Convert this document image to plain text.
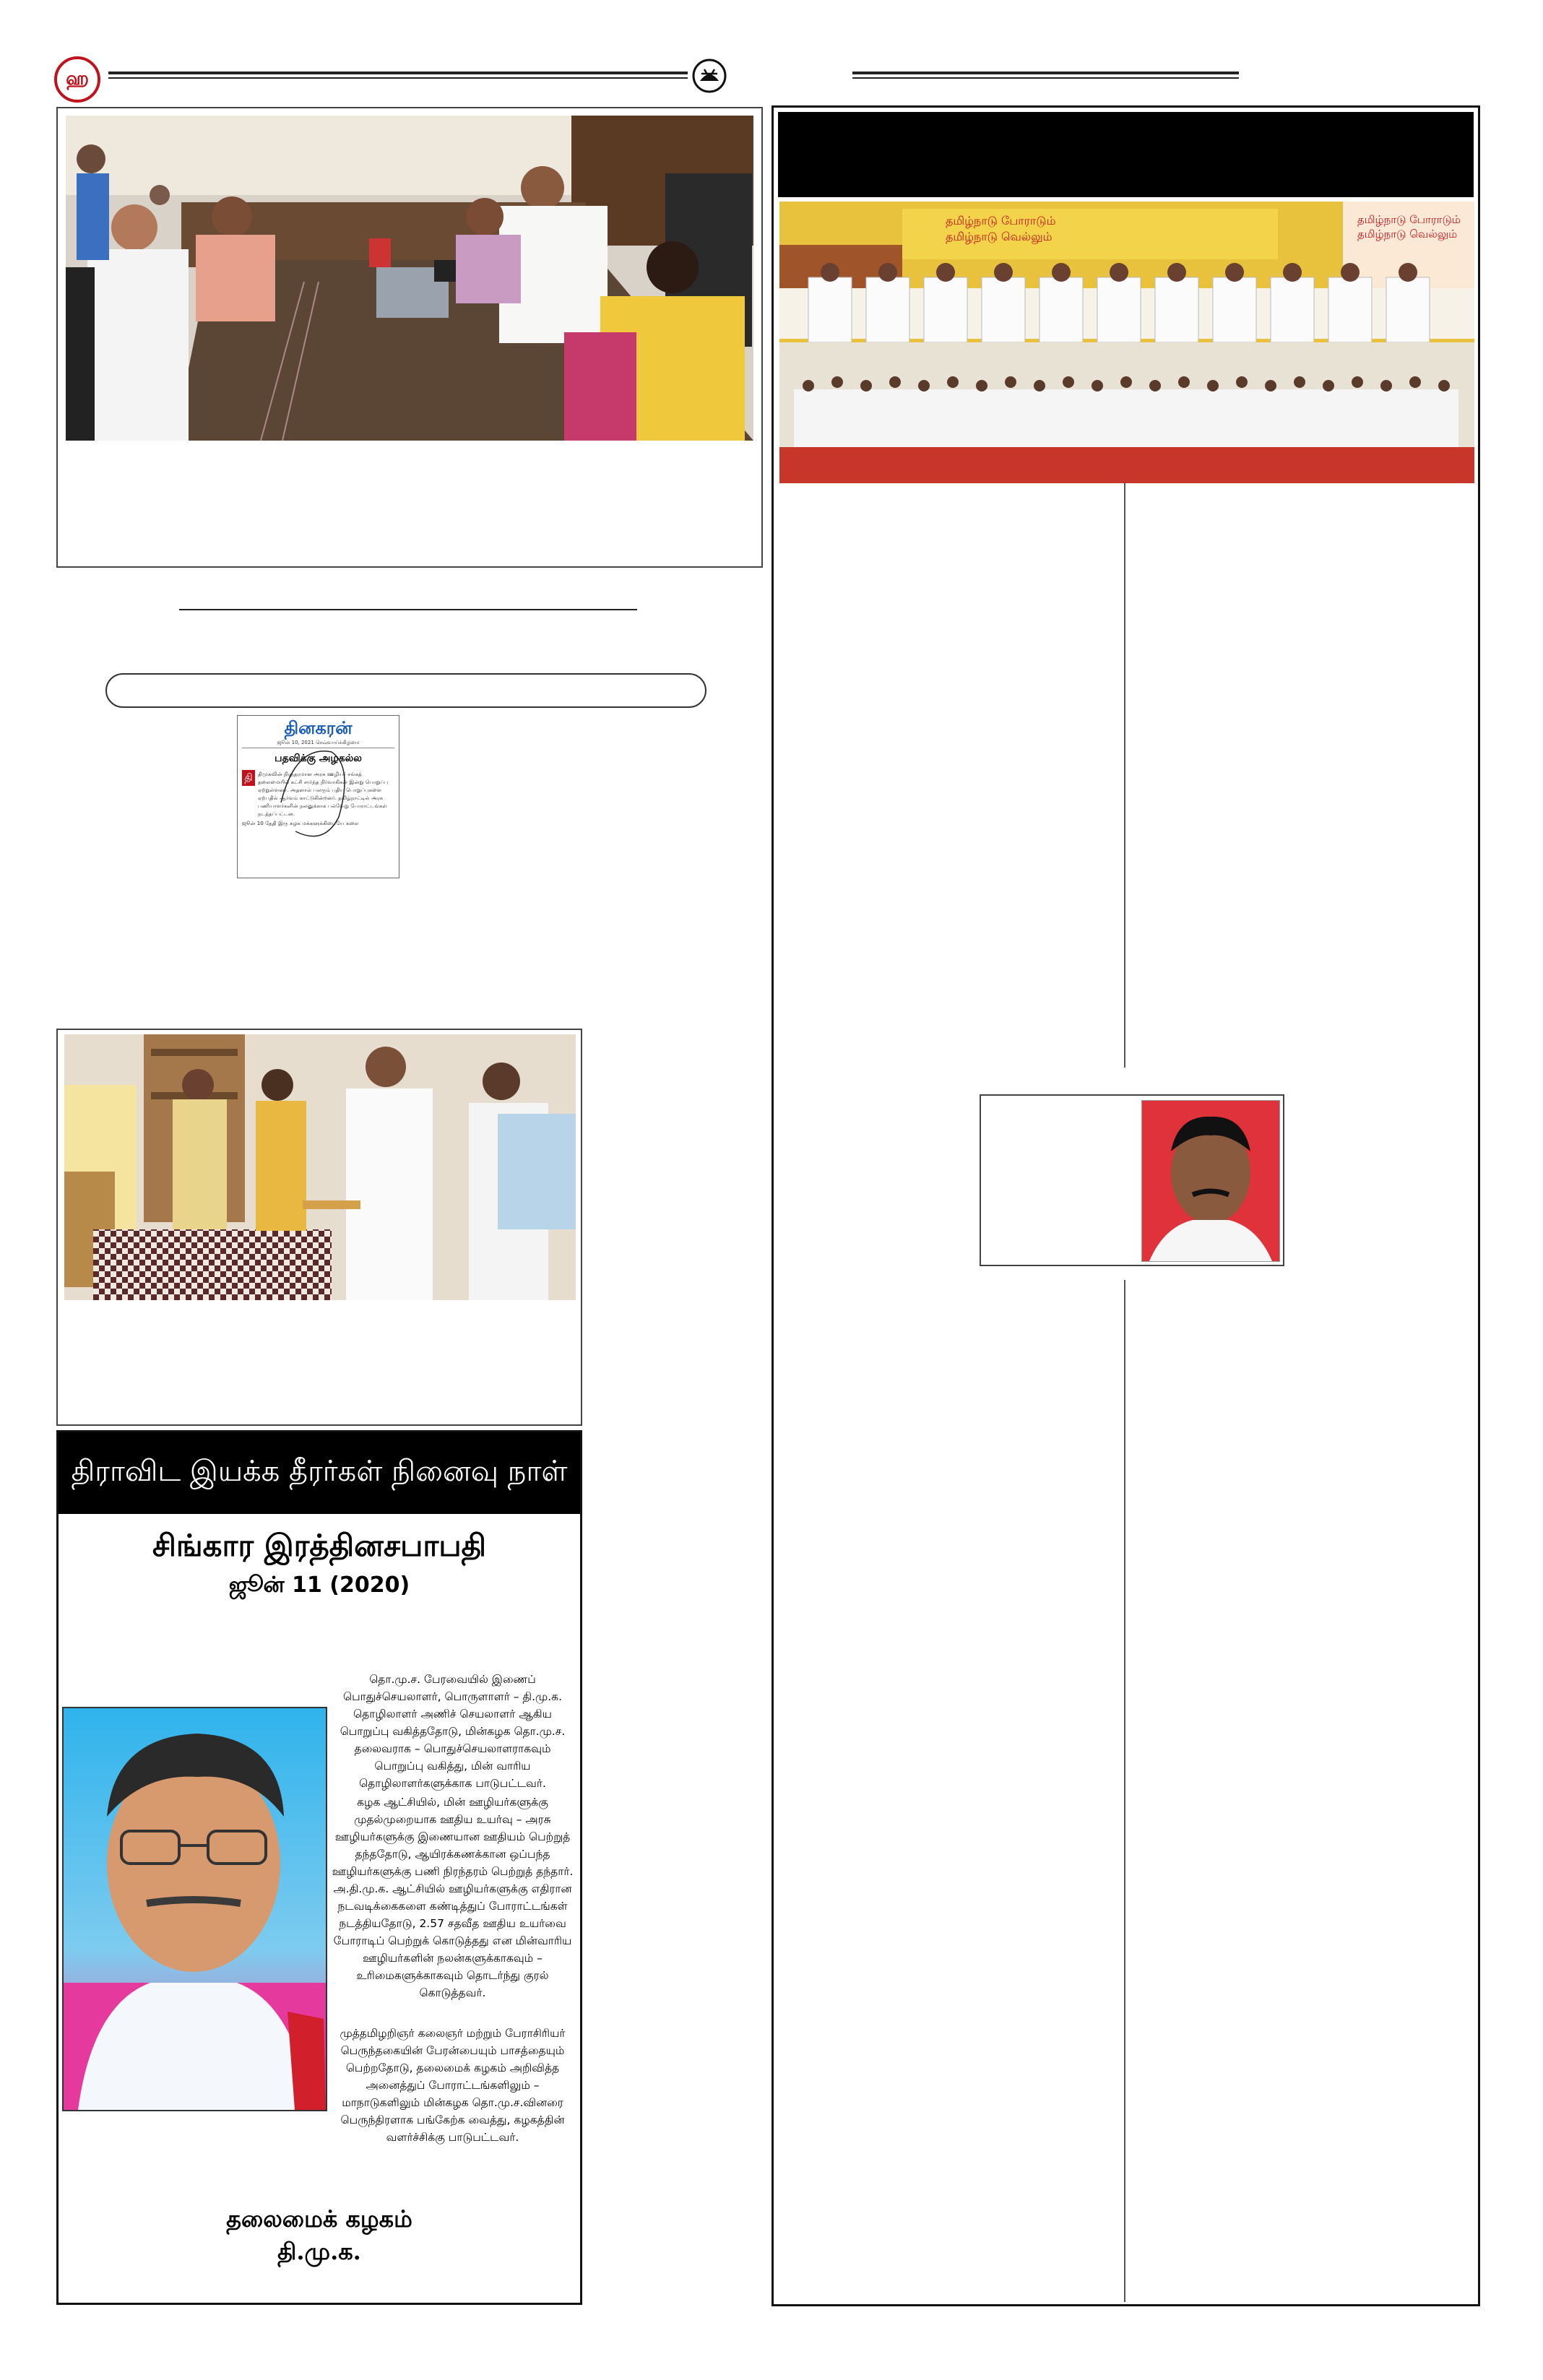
ஹ
தினகரன்
ஜூன் 10, 2021 செவ்வாய்க்கிழமை
பதவிக்கு அழகல்ல
தி	திமுகவின் நிரந்தரமான அரசு ஊழியர் சங்கத் தலைமையில் கட்சி சார்ந்த நிர்வாகிகள் இன்று பொறுப்பு ஏற்றுள்ளனர். அதனால் பலரும் புதிய பொறுப்புகளை ஏற்பதில் ஆர்வம் காட்டுகின்றனர். தமிழ்நாட்டில் அரசு பணியாளர்களின் நலனுக்காக பல்வேறு போராட்டங்கள் நடத்தப்பட்டன.
ஜூன் 10 தேதி இரு கழக மக்களுக்கிடையே கலை
திராவிட இயக்க தீரர்கள் நினைவு நாள்
சிங்கார இரத்தினசபாபதி
ஜூன் 11 (2020)
தொ.மு.ச. பேரவையில் இணைப் பொதுச்செயலாளர், பொருளாளர் – தி.மு.க. தொழிலாளர் அணிச் செயலாளர் ஆகிய பொறுப்பு வகித்ததோடு, மின்கழக தொ.மு.ச. தலைவராக – பொதுச்செயலாளராகவும் பொறுப்பு வகித்து, மின் வாரிய தொழிலாளர்களுக்காக பாடுபட்டவர்.
கழக ஆட்சியில், மின் ஊழியர்களுக்கு முதல்முறையாக ஊதிய உயர்வு – அரசு ஊழியர்களுக்கு இணையான ஊதியம் பெற்றுத் தந்ததோடு, ஆயிரக்கணக்கான ஒப்பந்த ஊழியர்களுக்கு பணி நிரந்தரம் பெற்றுத் தந்தார். அ.தி.மு.க. ஆட்சியில் ஊழியர்களுக்கு எதிரான நடவடிக்கைகளை கண்டித்துப் போராட்டங்கள் நடத்தியதோடு, 2.57 சதவீத ஊதிய உயர்வை போராடிப் பெற்றுக் கொடுத்தது என மின்வாரிய ஊழியர்களின் நலன்களுக்காகவும் – உரிமைகளுக்காகவும் தொடர்ந்து குரல் கொடுத்தவர்.
முத்தமிழறிஞர் கலைஞர் மற்றும் பேராசிரியர் பெருந்தகையின் பேரன்பையும் பாசத்தையும் பெற்றதோடு, தலைமைக் கழகம் அறிவித்த அனைத்துப் போராட்டங்களிலும் – மாநாடுகளிலும் மின்கழக தொ.மு.ச.வினரை பெருந்திரளாக பங்கேற்க வைத்து, கழகத்தின் வளர்ச்சிக்கு பாடுபட்டவர்.
தலைமைக் கழகம்
தி.மு.க.
தமிழ்நாடு போராடும்
தமிழ்நாடு வெல்லும்
தமிழ்நாடு போராடும்
தமிழ்நாடு வெல்லும்
